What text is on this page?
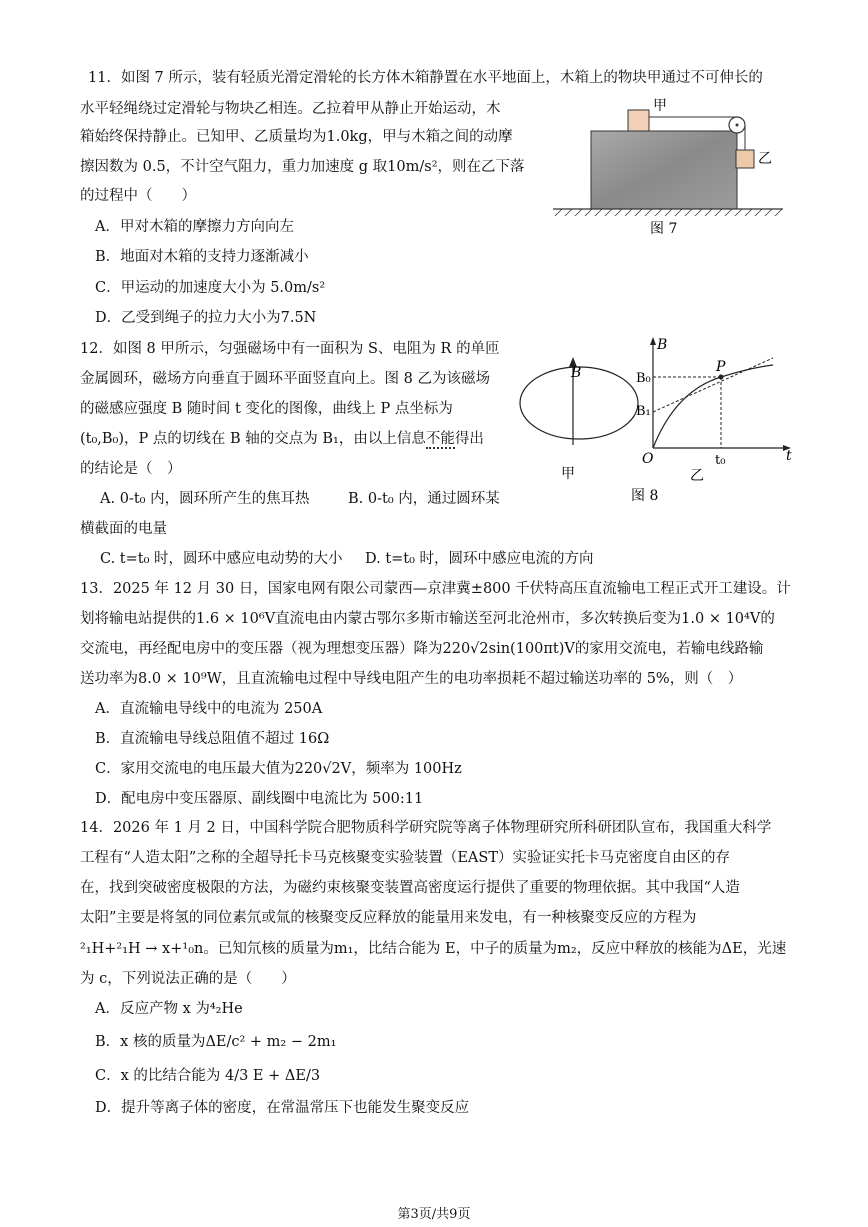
11．如图 7 所示，装有轻质光滑定滑轮的长方体木箱静置在水平地面上，木箱上的物块甲通过不可伸长的
水平轻绳绕过定滑轮与物块乙相连。乙拉着甲从静止开始运动，木
箱始终保持静止。已知甲、乙质量均为1.0kg，甲与木箱之间的动摩
擦因数为 0.5，不计空气阻力，重力加速度 g 取10m/s²，则在乙下落
的过程中（　　）
A．甲对木箱的摩擦力方向向左
B．地面对木箱的支持力逐渐减小
C．甲运动的加速度大小为 5.0m/s²
D．乙受到绳子的拉力大小为7.5N
甲
乙
图 7
12．如图 8 甲所示，匀强磁场中有一面积为 S、电阻为 R 的单匝
金属圆环，磁场方向垂直于圆环平面竖直向上。图 8 乙为该磁场
的磁感应强度 B 随时间 t 变化的图像，曲线上 P 点坐标为
(t₀,B₀)，P 点的切线在 B 轴的交点为 B₁，由以上信息不能得出
的结论是（　）
A. 0-t₀ 内，圆环所产生的焦耳热	B. 0-t₀ 内，通过圆环某
横截面的电量
C. t=t₀ 时，圆环中感应电动势的大小 D. t=t₀ 时，圆环中感应电流的方向
B
甲
B
t
O
P
B₀
B₁
t₀
乙
图 8
13．2025 年 12 月 30 日，国家电网有限公司蒙西—京津冀±800 千伏特高压直流输电工程正式开工建设。计
划将输电站提供的1.6 × 10⁶V直流电由内蒙古鄂尔多斯市输送至河北沧州市，多次转换后变为1.0 × 10⁴V的
交流电，再经配电房中的变压器（视为理想变压器）降为220√2sin(100πt)V的家用交流电，若输电线路输
送功率为8.0 × 10⁹W，且直流输电过程中导线电阻产生的电功率损耗不超过输送功率的 5%，则（　）
A．直流输电导线中的电流为 250A
B．直流输电导线总阻值不超过 16Ω
C．家用交流电的电压最大值为220√2V，频率为 100Hz
D．配电房中变压器原、副线圈中电流比为 500:11
14．2026 年 1 月 2 日，中国科学院合肥物质科学研究院等离子体物理研究所科研团队宣布，我国重大科学
工程有“人造太阳”之称的全超导托卡马克核聚变实验装置（EAST）实验证实托卡马克密度自由区的存
在，找到突破密度极限的方法，为磁约束核聚变装置高密度运行提供了重要的物理依据。其中我国“人造
太阳”主要是将氢的同位素氘或氚的核聚变反应释放的能量用来发电，有一种核聚变反应的方程为
²₁H+²₁H → x+¹₀n。已知氘核的质量为m₁，比结合能为 E，中子的质量为m₂，反应中释放的核能为ΔE，光速
为 c，下列说法正确的是（　　）
A．反应产物 x 为⁴₂He
B．x 核的质量为ΔE/c² + m₂ − 2m₁
C．x 的比结合能为 4/3 E + ΔE/3
D．提升等离子体的密度，在常温常压下也能发生聚变反应
第3页/共9页
